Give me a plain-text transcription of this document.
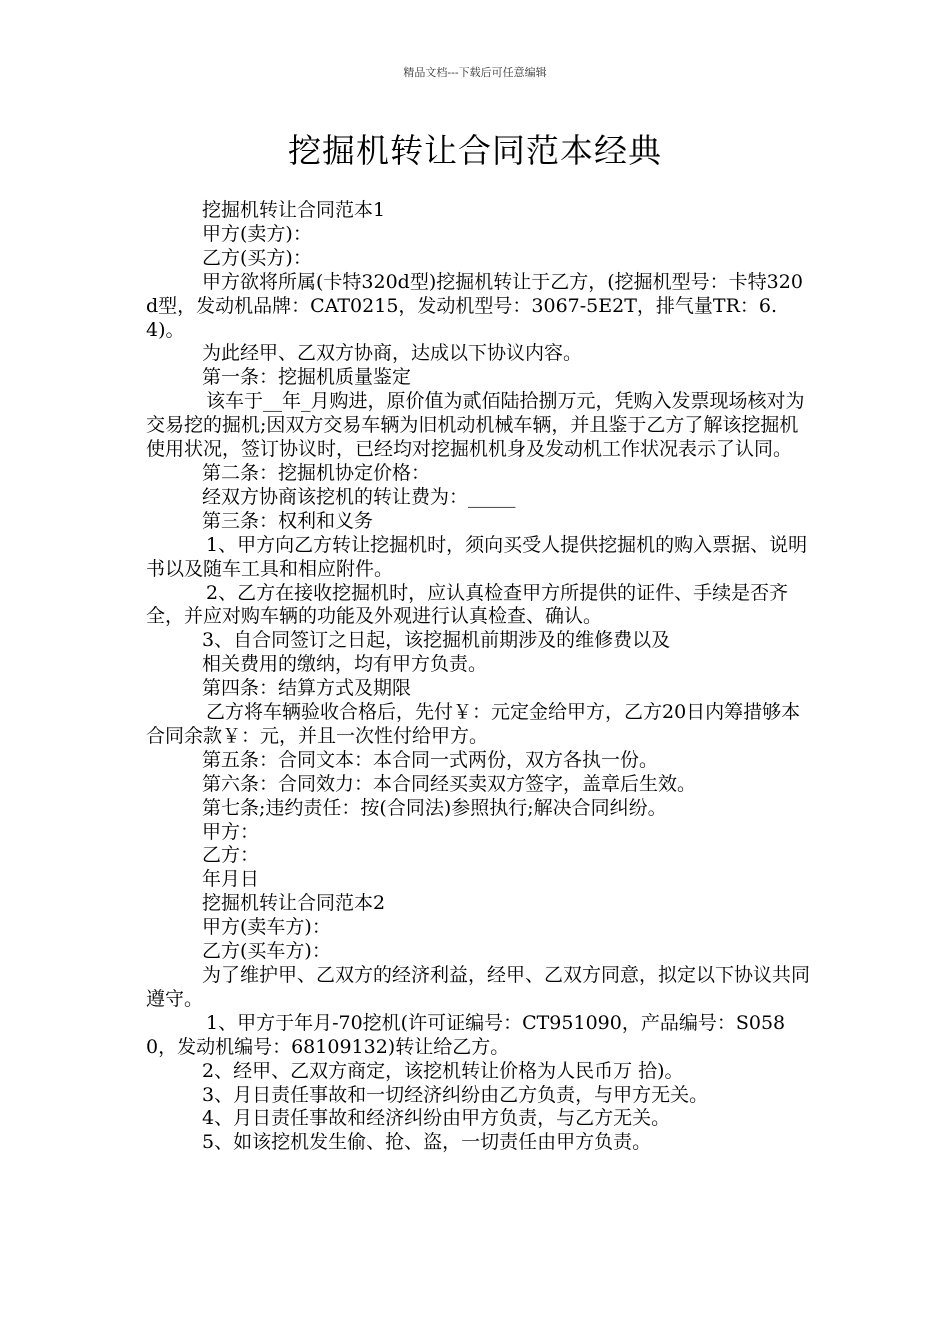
精品文档---下载后可任意编辑
挖掘机转让合同范本经典

挖掘机转让合同范本1

甲方(卖方)：

乙方(买方)：

甲方欲将所属(卡特320d型)挖掘机转让于乙方，(挖掘机型号：卡特320d型，发动机品牌：CAT0215，发动机型号：3067-5E2T，排气量TR：6.4)。

为此经甲、乙双方协商，达成以下协议内容。

第一条：挖掘机质量鉴定

该车于__年_月购进，原价值为贰佰陆拾捌万元，凭购入发票现场核对为交易挖的掘机;因双方交易车辆为旧机动机械车辆，并且鉴于乙方了解该挖掘机使用状况，签订协议时，已经均对挖掘机机身及发动机工作状况表示了认同。

第二条：挖掘机协定价格：

经双方协商该挖机的转让费为：_____

第三条：权利和义务

1、甲方向乙方转让挖掘机时，须向买受人提供挖掘机的购入票据、说明书以及随车工具和相应附件。

2、乙方在接收挖掘机时，应认真检查甲方所提供的证件、手续是否齐全，并应对购车辆的功能及外观进行认真检查、确认。

3、自合同签订之日起，该挖掘机前期涉及的维修费以及

相关费用的缴纳，均有甲方负责。

第四条：结算方式及期限

乙方将车辆验收合格后，先付￥：元定金给甲方，乙方20日内筹措够本合同余款￥：元，并且一次性付给甲方。

第五条：合同文本：本合同一式两份，双方各执一份。

第六条：合同效力：本合同经买卖双方签字，盖章后生效。

第七条;违约责任：按(合同法)参照执行;解决合同纠纷。

甲方：

乙方：

年月日

挖掘机转让合同范本2

甲方(卖车方)：

乙方(买车方)：

为了维护甲、乙双方的经济利益，经甲、乙双方同意，拟定以下协议共同遵守。

1、甲方于年月-70挖机(许可证编号：CT951090，产品编号：S0580，发动机编号：68109132)转让给乙方。

2、经甲、乙双方商定，该挖机转让价格为人民币万 拾)。

3、月日责任事故和一切经济纠纷由乙方负责，与甲方无关。

4、月日责任事故和经济纠纷由甲方负责，与乙方无关。

5、如该挖机发生偷、抢、盗，一切责任由甲方负责。
